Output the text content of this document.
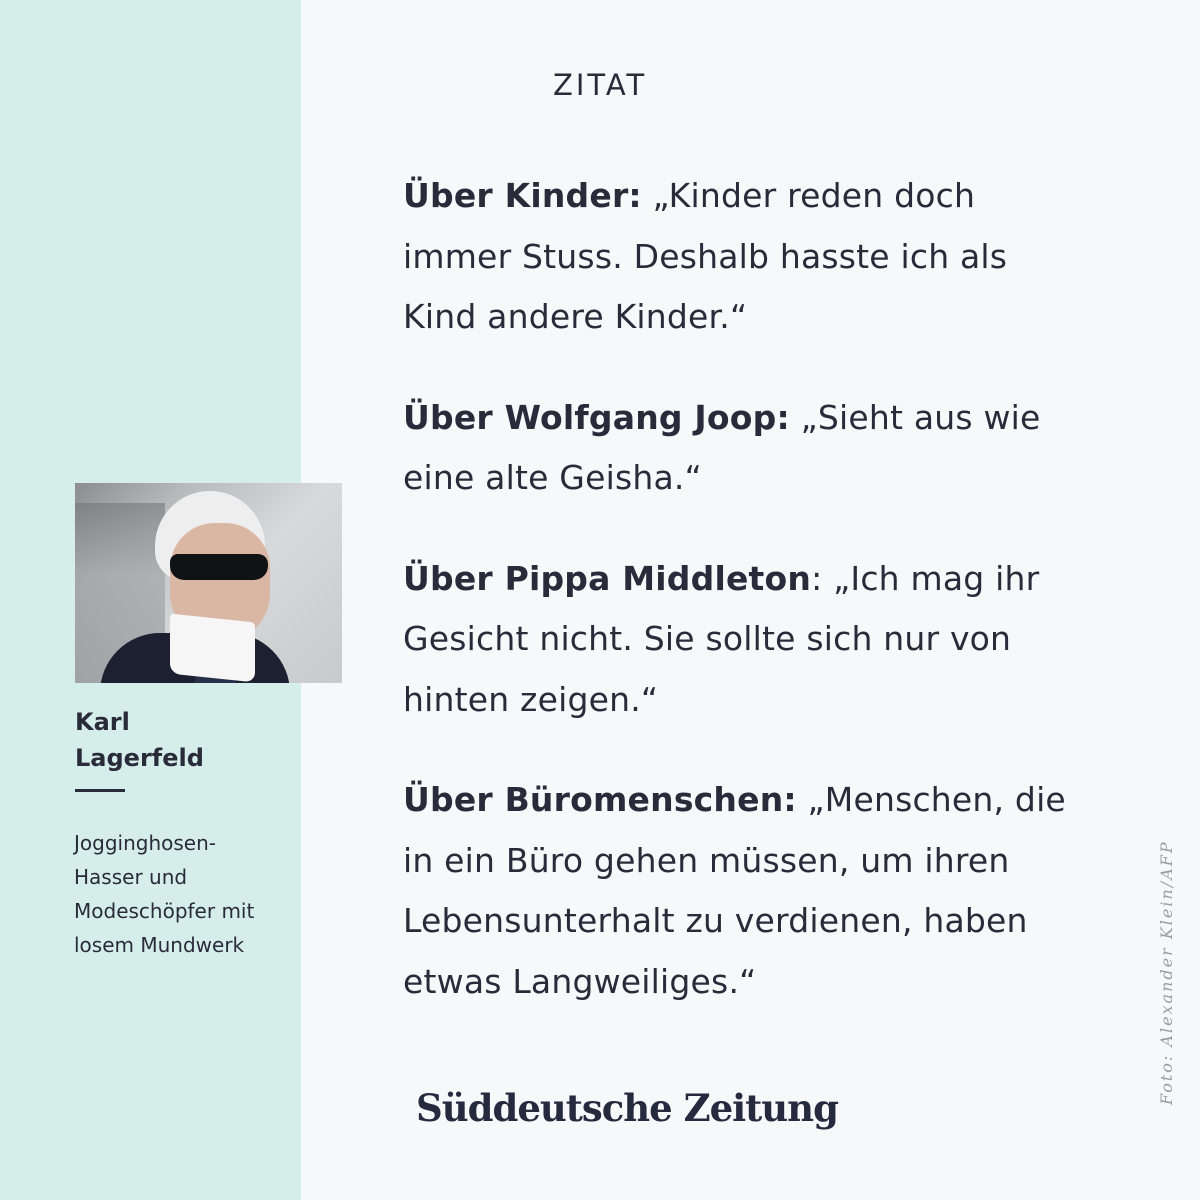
ZITAT

Über Kinder: „Kinder reden doch
immer Stuss. Deshalb hasste ich als
Kind andere Kinder.“

Über Wolfgang Joop: „Sieht aus wie
eine alte Geisha.“

Über Pippa Middleton: „Ich mag ihr
Gesicht nicht. Sie sollte sich nur von
hinten zeigen.“

Über Büromenschen: „Menschen, die
in ein Büro gehen müssen, um ihren
Lebensunterhalt zu verdienen, haben
etwas Langweiliges.“

Karl
Lagerfeld
Jogginghosen-
Hasser und
Modeschöpfer mit
losem Mundwerk
Süddeutsche Zeitung
Foto: Alexander Klein/AFP
